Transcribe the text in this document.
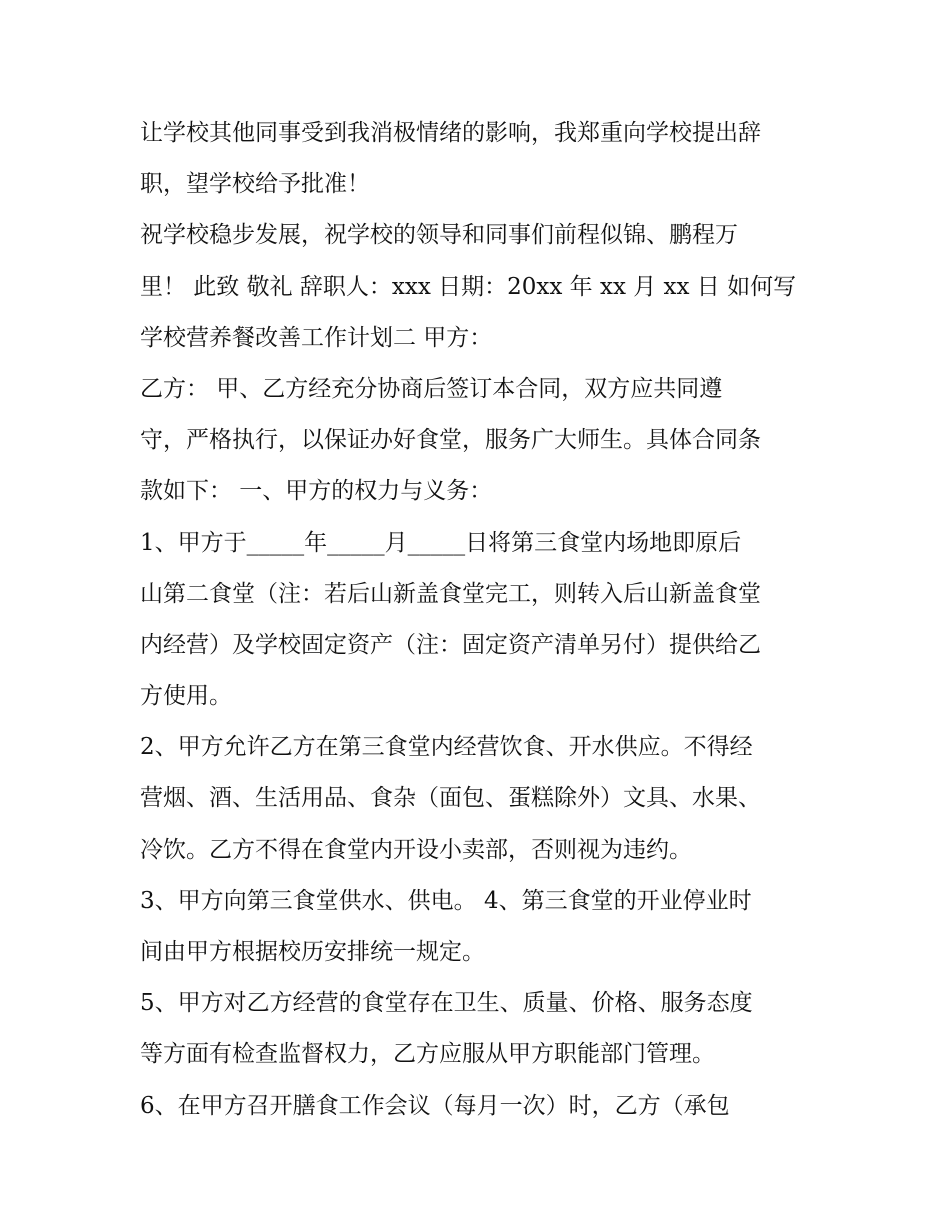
让学校其他同事受到我消极情绪的影响，我郑重向学校提出辞
职，望学校给予批准！
祝学校稳步发展，祝学校的领导和同事们前程似锦、鹏程万
里！ 此致 敬礼 辞职人：xxx 日期：20xx 年 xx 月 xx 日 如何写
学校营养餐改善工作计划二 甲方：
乙方： 甲、乙方经充分协商后签订本合同，双方应共同遵
守，严格执行，以保证办好食堂，服务广大师生。具体合同条
款如下： 一、甲方的权力与义务：
1、甲方于_____年_____月_____日将第三食堂内场地即原后
山第二食堂（注：若后山新盖食堂完工，则转入后山新盖食堂
内经营）及学校固定资产（注：固定资产清单另付）提供给乙
方使用。
2、甲方允许乙方在第三食堂内经营饮食、开水供应。不得经
营烟、酒、生活用品、食杂（面包、蛋糕除外）文具、水果、
冷饮。乙方不得在食堂内开设小卖部，否则视为违约。
3、甲方向第三食堂供水、供电。 4、第三食堂的开业停业时
间由甲方根据校历安排统一规定。
5、甲方对乙方经营的食堂存在卫生、质量、价格、服务态度
等方面有检查监督权力，乙方应服从甲方职能部门管理。
6、在甲方召开膳食工作会议（每月一次）时，乙方（承包
